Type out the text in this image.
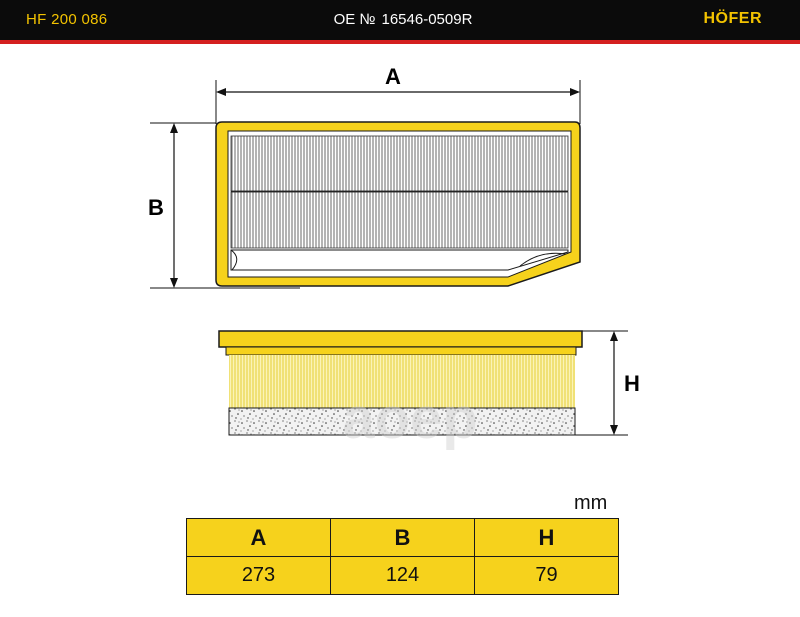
HF 200 086	OE № 16546-0509R	HÖFER
A
B
H
aoep
mm
A	B	H
273	124	79
